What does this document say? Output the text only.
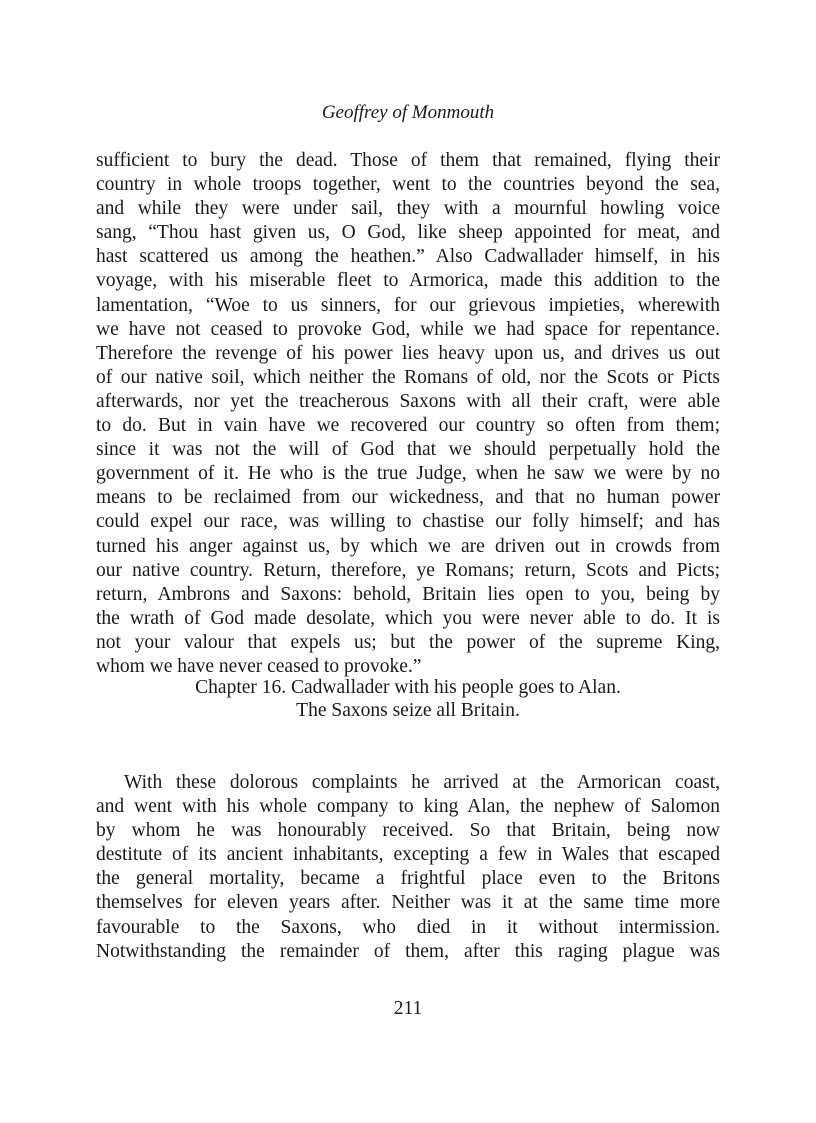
Geoffrey of Monmouth
sufficient to bury the dead. Those of them that remained, flying their
country in whole troops together, went to the countries beyond the sea,
and while they were under sail, they with a mournful howling voice
sang, “Thou hast given us, O God, like sheep appointed for meat, and
hast scattered us among the heathen.” Also Cadwallader himself, in his
voyage, with his miserable fleet to Armorica, made this addition to the
lamentation, “Woe to us sinners, for our grievous impieties, wherewith
we have not ceased to provoke God, while we had space for repentance.
Therefore the revenge of his power lies heavy upon us, and drives us out
of our native soil, which neither the Romans of old, nor the Scots or Picts
afterwards, nor yet the treacherous Saxons with all their craft, were able
to do. But in vain have we recovered our country so often from them;
since it was not the will of God that we should perpetually hold the
government of it. He who is the true Judge, when he saw we were by no
means to be reclaimed from our wickedness, and that no human power
could expel our race, was willing to chastise our folly himself; and has
turned his anger against us, by which we are driven out in crowds from
our native country. Return, therefore, ye Romans; return, Scots and Picts;
return, Ambrons and Saxons: behold, Britain lies open to you, being by
the wrath of God made desolate, which you were never able to do. It is
not your valour that expels us; but the power of the supreme King,
whom we have never ceased to provoke.”
Chapter 16. Cadwallader with his people goes to Alan.
The Saxons seize all Britain.
With these dolorous complaints he arrived at the Armorican coast,
and went with his whole company to king Alan, the nephew of Salomon
by whom he was honourably received. So that Britain, being now
destitute of its ancient inhabitants, excepting a few in Wales that escaped
the general mortality, became a frightful place even to the Britons
themselves for eleven years after. Neither was it at the same time more
favourable to the Saxons, who died in it without intermission.
Notwithstanding the remainder of them, after this raging plague was
211
